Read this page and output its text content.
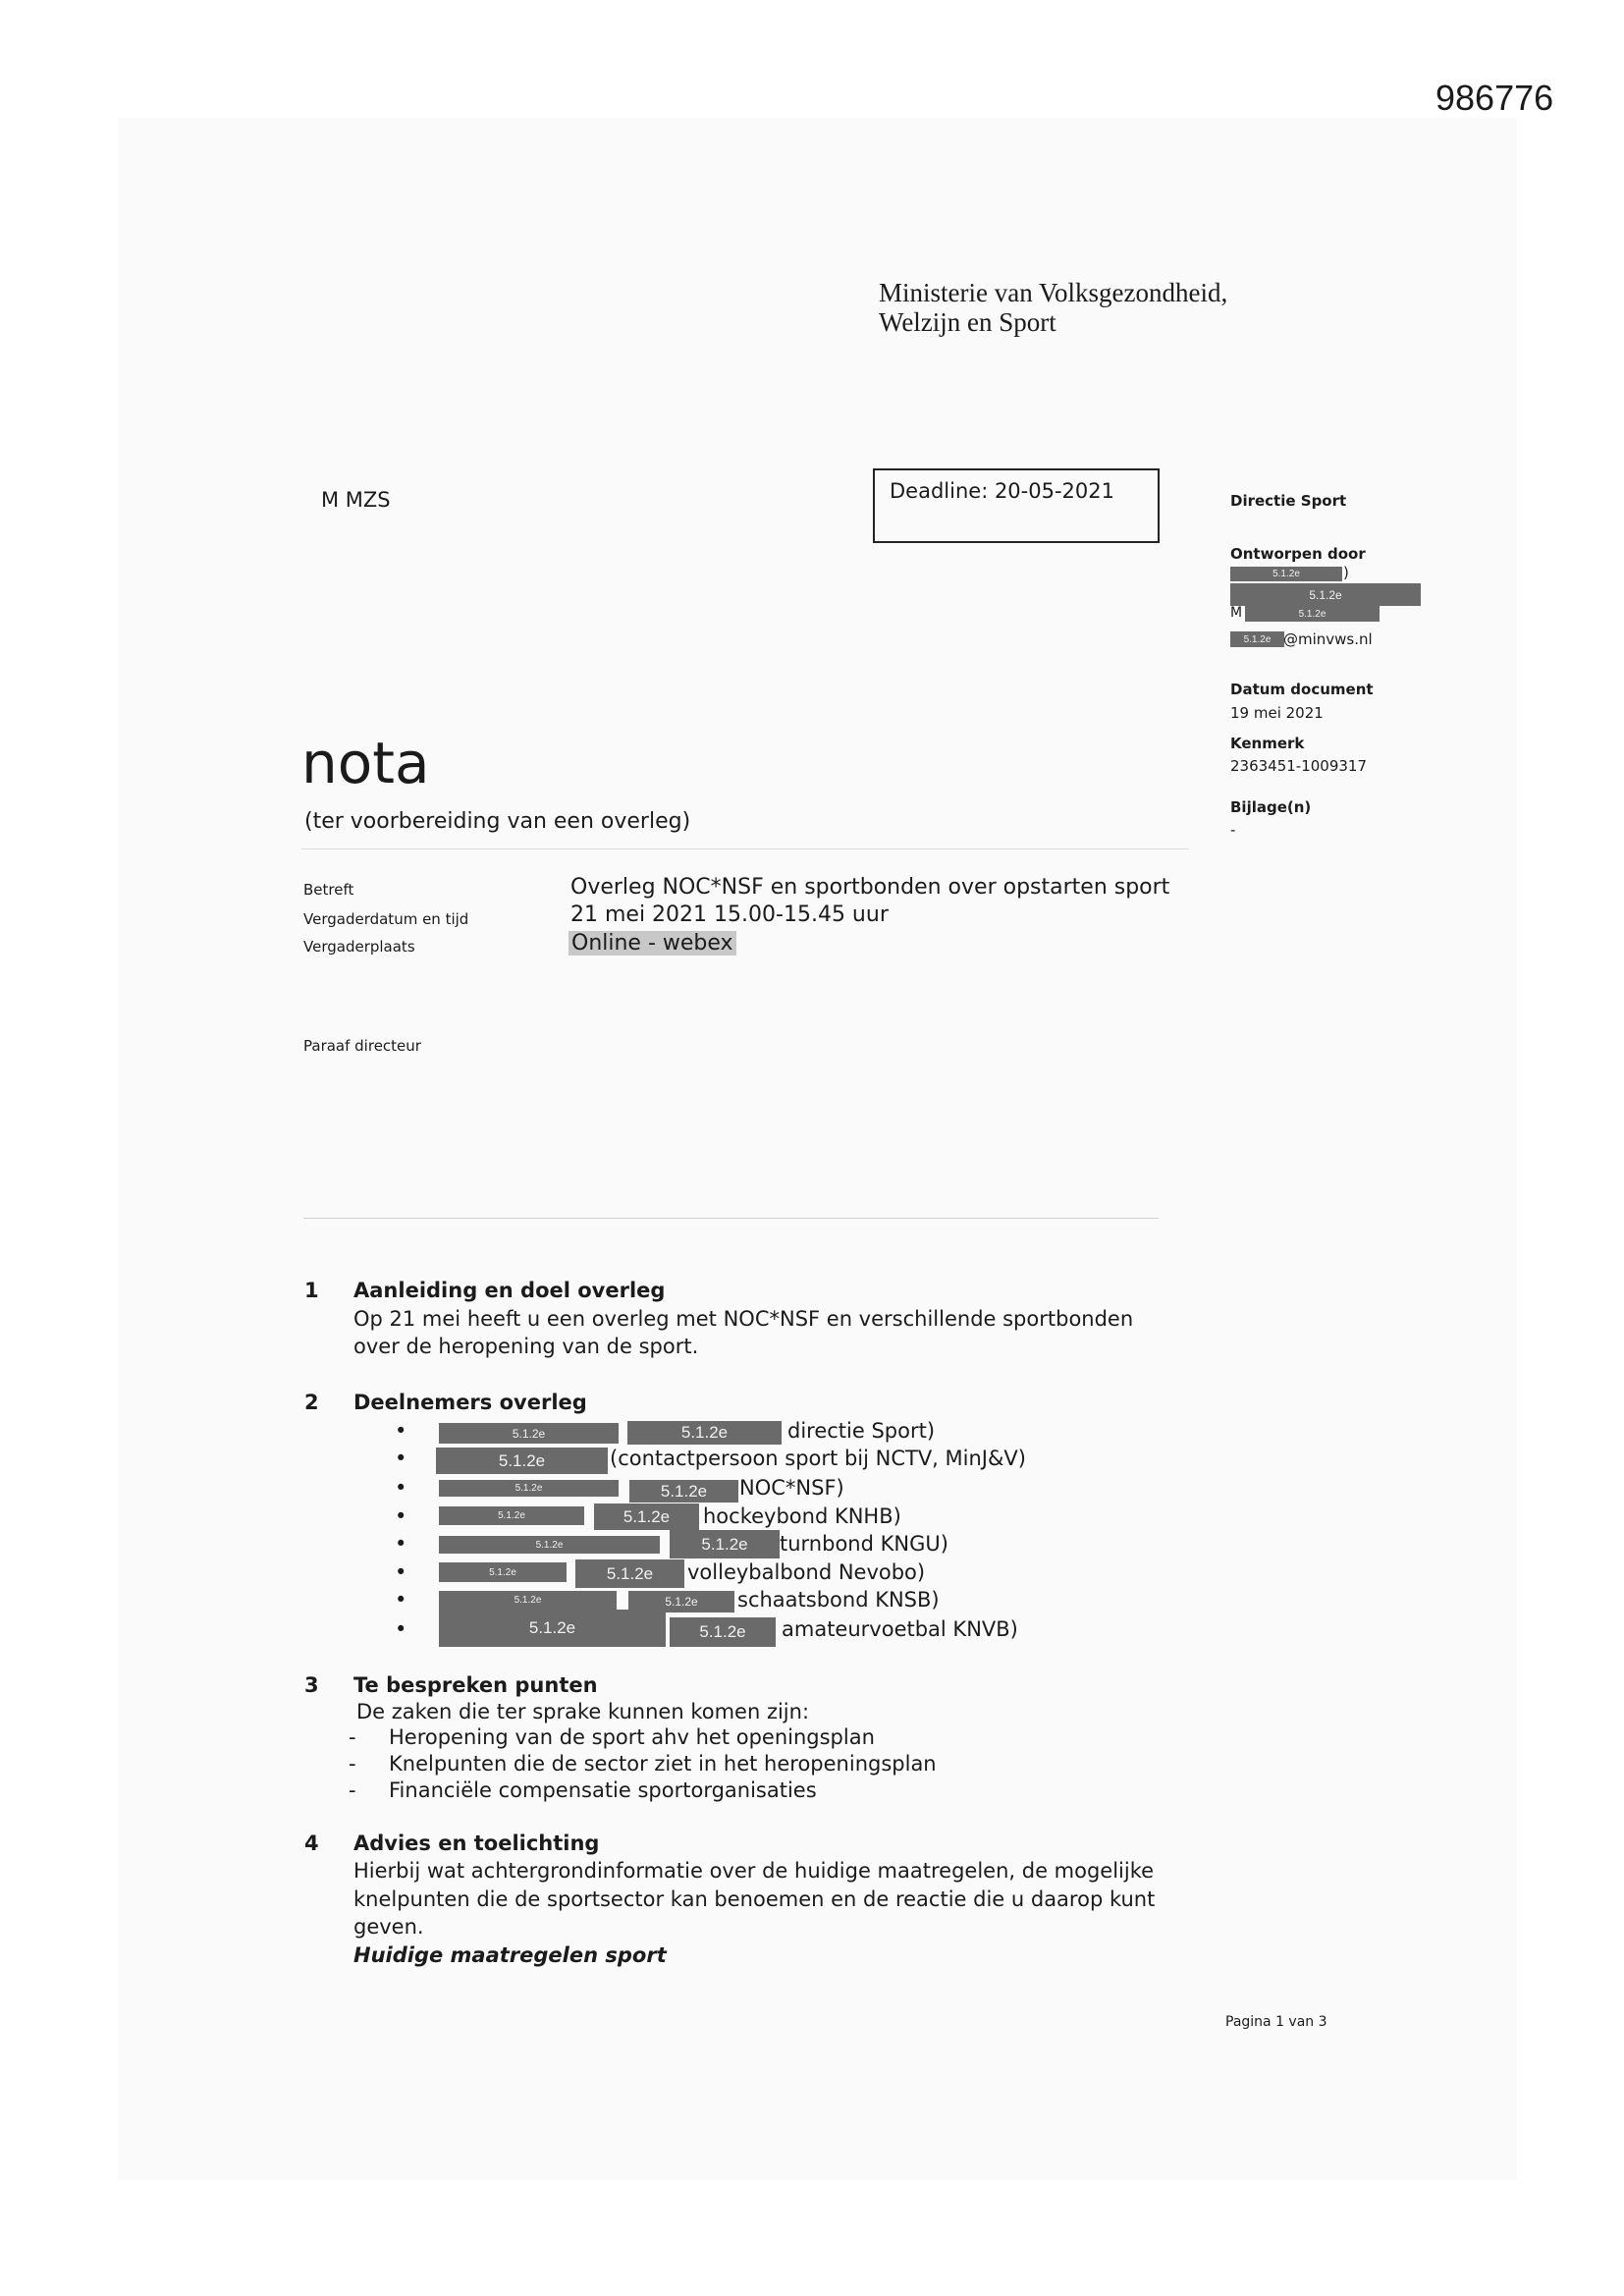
986776
Ministerie van Volksgezondheid,
Welzijn en Sport
M MZS	Deadline: 20-05-2021	Directie Sport
Ontworpen door
5.1.2e	)
5.1.2e
M	5.1.2e
5.1.2e @minvws.nl
Datum document
19 mei 2021
Kenmerk
2363451-1009317
Bijlage(n)
-
nota
(ter voorbereiding van een overleg)
Betreft	Overleg NOC*NSF en sportbonden over opstarten sport
Vergaderdatum en tijd	21 mei 2021 15.00-15.45 uur
Vergaderplaats	Online - webex
Paraaf directeur
1 Aanleiding en doel overleg
Op 21 mei heeft u een overleg met NOC*NSF en verschillende sportbonden
over de heropening van de sport.
2 Deelnemers overleg
•	5.1.2e	5.1.2e	directie Sport)
•	5.1.2e	(contactpersoon sport bij NCTV, MinJ&V)
•	5.1.2e	5.1.2e	NOC*NSF)
•	5.1.2e	5.1.2e	hockeybond KNHB)
•	5.1.2e	5.1.2e	turnbond KNGU)
•	5.1.2e	5.1.2e	volleybalbond Nevobo)
•	5.1.2e	5.1.2e	schaatsbond KNSB)
•	5.1.2e	5.1.2e	amateurvoetbal KNVB)
3 Te bespreken punten
De zaken die ter sprake kunnen komen zijn:
- Heropening van de sport ahv het openingsplan
- Knelpunten die de sector ziet in het heropeningsplan
- Financiële compensatie sportorganisaties
4 Advies en toelichting
Hierbij wat achtergrondinformatie over de huidige maatregelen, de mogelijke
knelpunten die de sportsector kan benoemen en de reactie die u daarop kunt
geven.
Huidige maatregelen sport
Pagina 1 van 3
